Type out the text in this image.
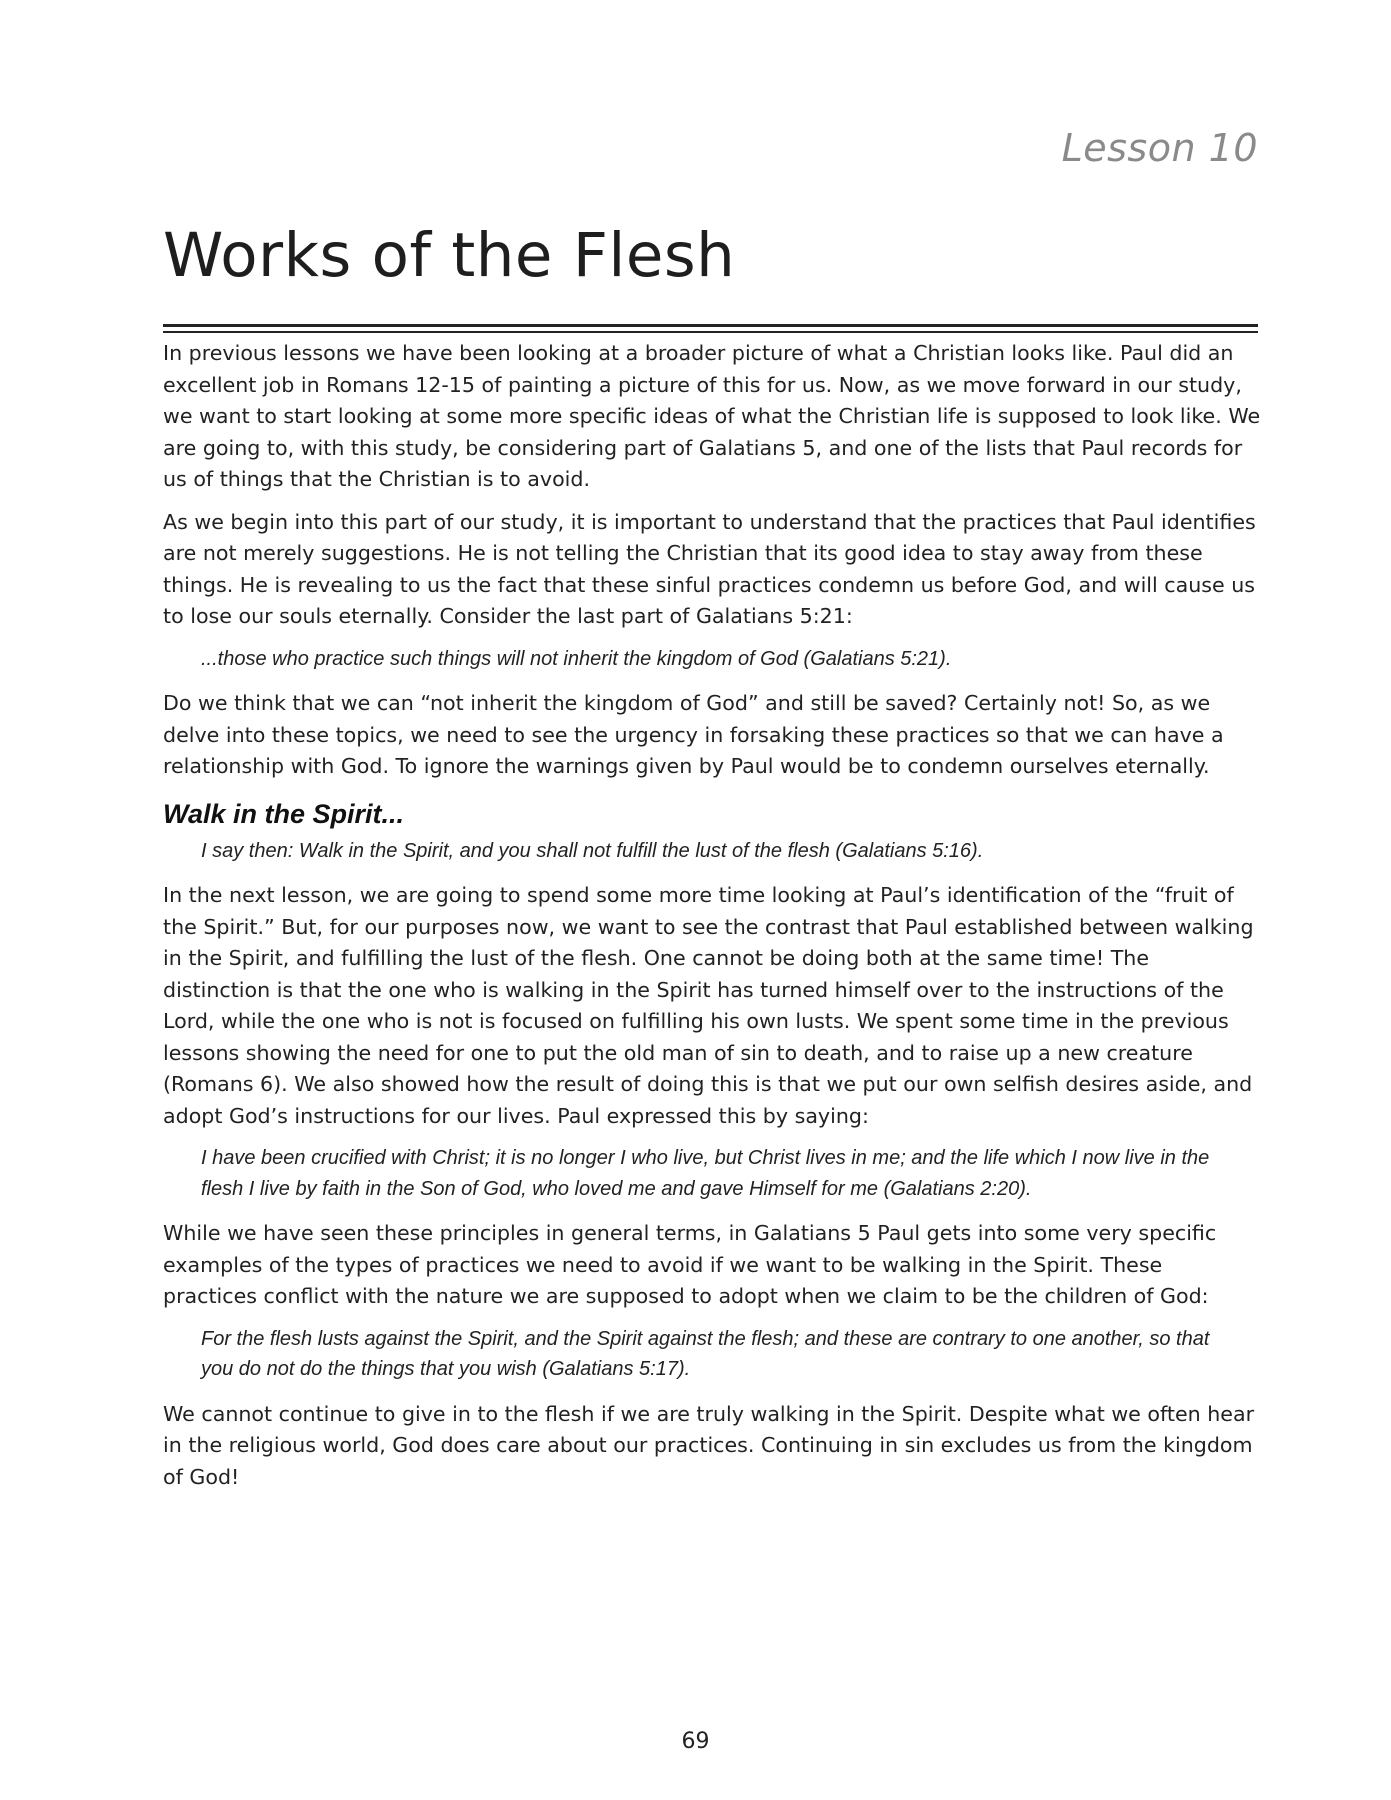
Lesson 10
Works of the Flesh

In previous lessons we have been looking at a broader picture of what a Christian looks like. Paul did an excellent job in Romans 12-15 of painting a picture of this for us. Now, as we move forward in our study, we want to start looking at some more specific ideas of what the Christian life is supposed to look like. We are going to, with this study, be considering part of Galatians 5, and one of the lists that Paul records for us of things that the Christian is to avoid.

As we begin into this part of our study, it is important to understand that the practices that Paul identifies are not merely suggestions. He is not telling the Christian that its good idea to stay away from these things. He is revealing to us the fact that these sinful practices condemn us before God, and will cause us to lose our souls eternally. Consider the last part of Galatians 5:21:

...those who practice such things will not inherit the kingdom of God (Galatians 5:21).

Do we think that we can “not inherit the kingdom of God” and still be saved? Certainly not! So, as we delve into these topics, we need to see the urgency in forsaking these practices so that we can have a relationship with God. To ignore the warnings given by Paul would be to condemn ourselves eternally.

Walk in the Spirit...

I say then: Walk in the Spirit, and you shall not fulfill the lust of the flesh (Galatians 5:16).

In the next lesson, we are going to spend some more time looking at Paul’s identification of the “fruit of the Spirit.” But, for our purposes now, we want to see the contrast that Paul established between walking in the Spirit, and fulfilling the lust of the flesh. One cannot be doing both at the same time! The distinction is that the one who is walking in the Spirit has turned himself over to the instructions of the Lord, while the one who is not is focused on fulfilling his own lusts. We spent some time in the previous lessons showing the need for one to put the old man of sin to death, and to raise up a new creature (Romans 6). We also showed how the result of doing this is that we put our own selfish desires aside, and adopt God’s instructions for our lives. Paul expressed this by saying:

I have been crucified with Christ; it is no longer I who live, but Christ lives in me; and the life which I now live in the flesh I live by faith in the Son of God, who loved me and gave Himself for me (Galatians 2:20).

While we have seen these principles in general terms, in Galatians 5 Paul gets into some very specific examples of the types of practices we need to avoid if we want to be walking in the Spirit. These practices conflict with the nature we are supposed to adopt when we claim to be the children of God:

For the flesh lusts against the Spirit, and the Spirit against the flesh; and these are contrary to one another, so that you do not do the things that you wish (Galatians 5:17).

We cannot continue to give in to the flesh if we are truly walking in the Spirit. Despite what we often hear in the religious world, God does care about our practices. Continuing in sin excludes us from the kingdom of God!

69
